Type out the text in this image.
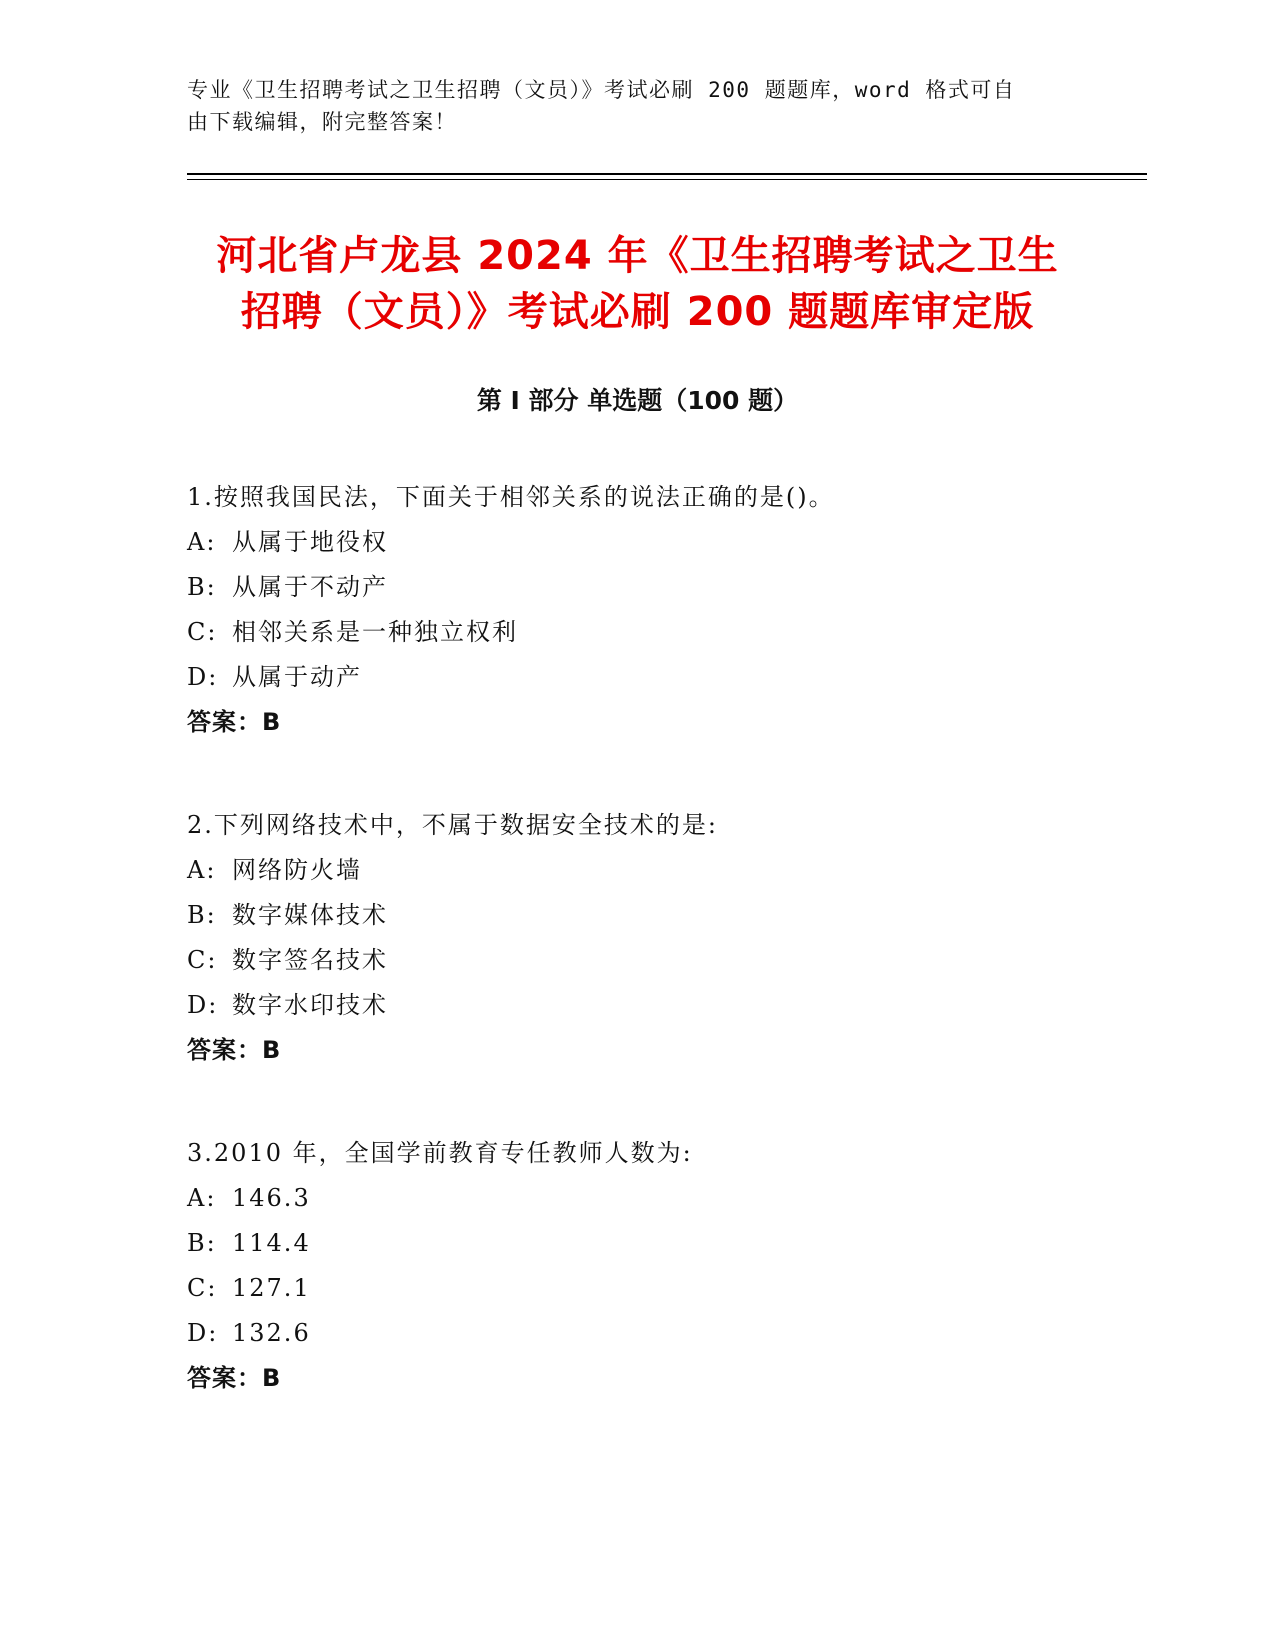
专业《卫生招聘考试之卫生招聘（文员）》考试必刷 200 题题库，word 格式可自
由下载编辑，附完整答案！
河北省卢龙县 2024 年《卫生招聘考试之卫生
招聘（文员）》考试必刷 200 题题库审定版
第 I 部分 单选题（100 题）
1.按照我国民法，下面关于相邻关系的说法正确的是()。
A: 从属于地役权
B: 从属于不动产
C: 相邻关系是一种独立权利
D: 从属于动产
答案：B
2.下列网络技术中，不属于数据安全技术的是:
A: 网络防火墙
B: 数字媒体技术
C: 数字签名技术
D: 数字水印技术
答案：B
3.2010 年，全国学前教育专任教师人数为:
A: 146.3
B: 114.4
C: 127.1
D: 132.6
答案：B
